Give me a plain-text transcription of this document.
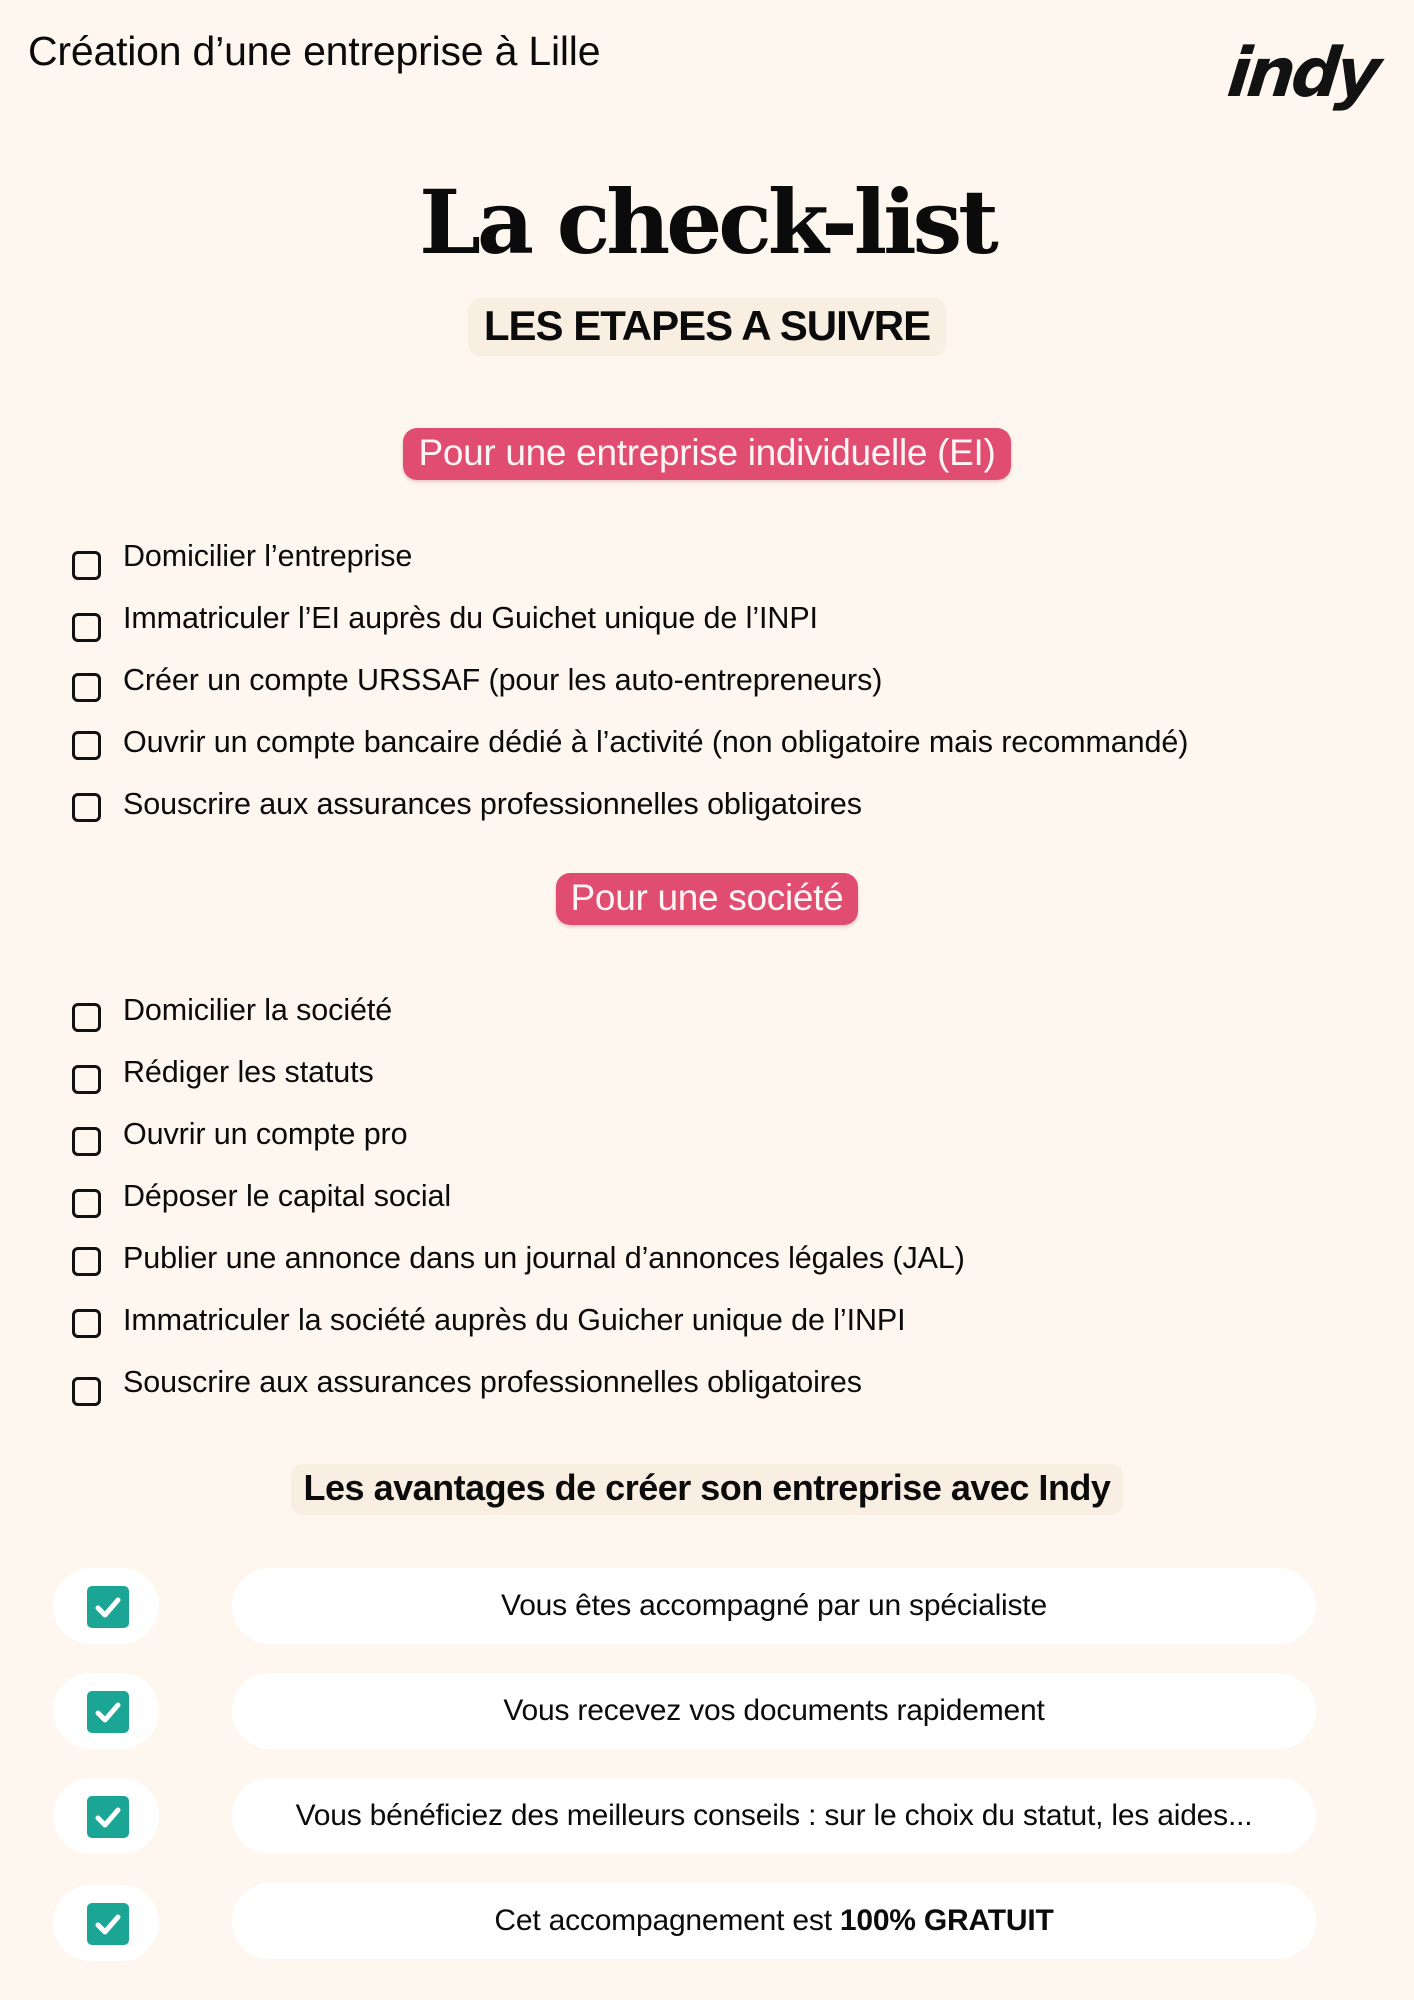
Création d’une entreprise à Lille	indy
La check-list
LES ETAPES A SUIVRE
Pour une entreprise individuelle (EI)
Domicilier l’entreprise
Immatriculer l’EI auprès du Guichet unique de l’INPI
Créer un compte URSSAF (pour les auto-entrepreneurs)
Ouvrir un compte bancaire dédié à l’activité (non obligatoire mais recommandé)
Souscrire aux assurances professionnelles obligatoires
Pour une société
Domicilier la société
Rédiger les statuts
Ouvrir un compte pro
Déposer le capital social
Publier une annonce dans un journal d’annonces légales (JAL)
Immatriculer la société auprès du Guicher unique de l’INPI
Souscrire aux assurances professionnelles obligatoires
Les avantages de créer son entreprise avec Indy
Vous êtes accompagné par un spécialiste
Vous recevez vos documents rapidement
Vous bénéficiez des meilleurs conseils : sur le choix du statut, les aides...
Cet accompagnement est 100% GRATUIT
